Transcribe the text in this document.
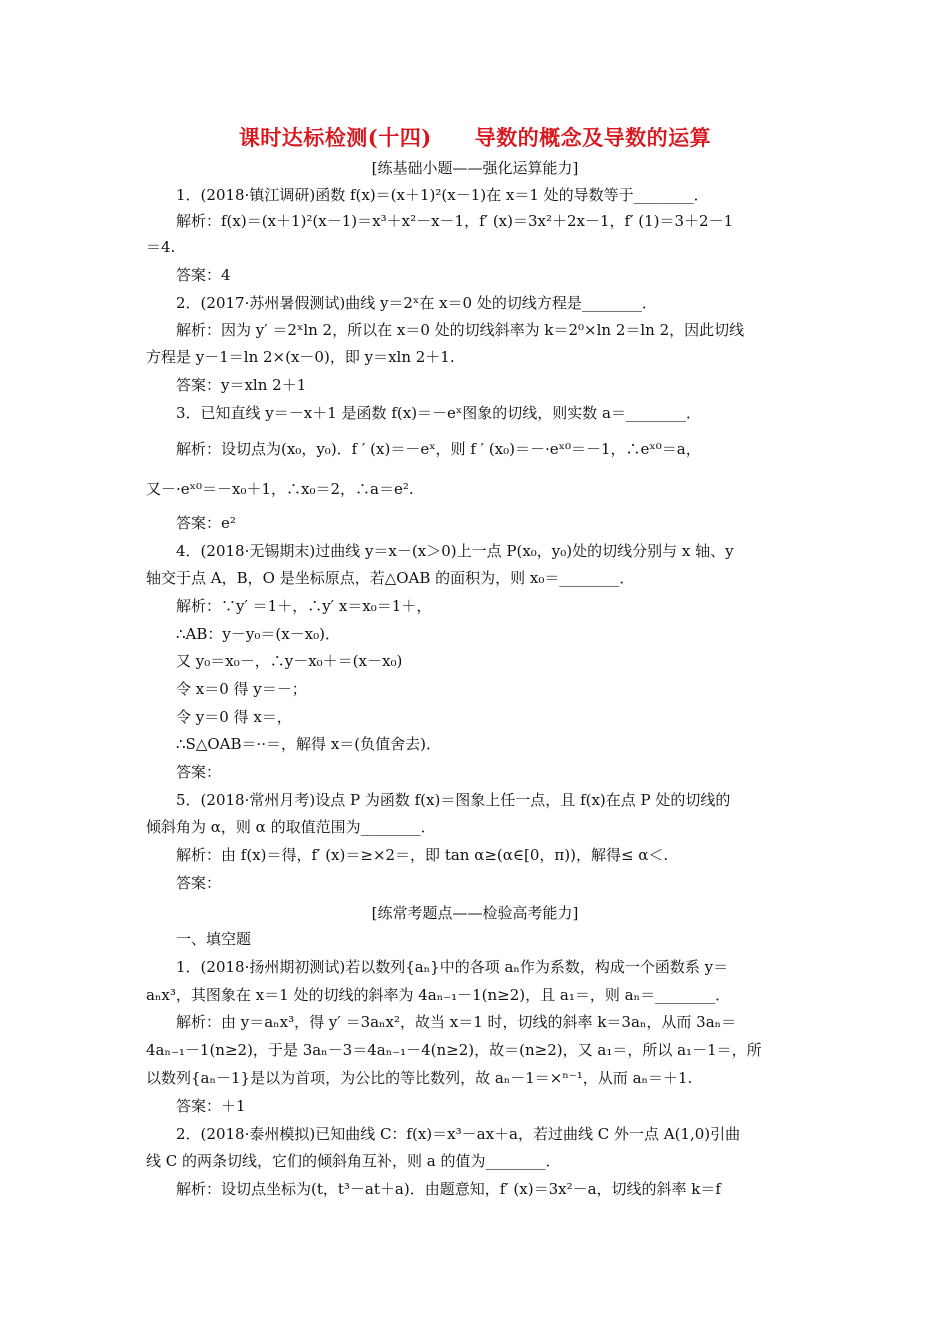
课时达标检测(十四)　　导数的概念及导数的运算
[练基础小题——强化运算能力]
1．(2018·镇江调研)函数 f(x)＝(x＋1)²(x－1)在 x＝1 处的导数等于________．
解析：f(x)＝(x＋1)²(x－1)＝x³＋x²－x－1，f′ (x)＝3x²＋2x－1，f′ (1)＝3＋2－1
＝4.
答案：4
2．(2017·苏州暑假测试)曲线 y＝2ˣ在 x＝0 处的切线方程是________．
解析：因为 y′ ＝2ˣln 2，所以在 x＝0 处的切线斜率为 k＝2⁰×ln 2＝ln 2，因此切线
方程是 y－1＝ln 2×(x－0)，即 y＝xln 2＋1.
答案：y＝xln 2＋1
3．已知直线 y＝－x＋1 是函数 f(x)＝－eˣ图象的切线，则实数 a＝________．
解析：设切点为(x₀，y₀)．f ′ (x)＝－eˣ，则 f ′ (x₀)＝－·eˣ⁰＝－1，∴eˣ⁰＝a，
又－·eˣ⁰＝－x₀＋1，∴x₀＝2，∴a＝e².
答案：e²
4．(2018·无锡期末)过曲线 y＝x－(x＞0)上一点 P(x₀，y₀)处的切线分别与 x 轴、y
轴交于点 A，B，O 是坐标原点，若△OAB 的面积为，则 x₀＝________．
解析：∵y′ ＝1＋，∴y′ x＝x₀＝1＋，
∴AB：y－y₀＝(x－x₀)．
又 y₀＝x₀－，∴y－x₀＋＝(x－x₀)
令 x＝0 得 y＝－；
令 y＝0 得 x＝，
∴S△OAB＝··＝，解得 x＝(负值舍去)．
答案：
5．(2018·常州月考)设点 P 为函数 f(x)＝图象上任一点，且 f(x)在点 P 处的切线的
倾斜角为 α，则 α 的取值范围为________．
解析：由 f(x)＝得，f′ (x)＝≥×2＝，即 tan α≥(α∈[0，π))，解得≤ α＜.
答案：
[练常考题点——检验高考能力]
一、填空题
1．(2018·扬州期初测试)若以数列{aₙ}中的各项 aₙ作为系数，构成一个函数系 y＝
aₙx³，其图象在 x＝1 处的切线的斜率为 4aₙ₋₁－1(n≥2)，且 a₁＝，则 aₙ＝________．
解析：由 y＝aₙx³，得 y′ ＝3aₙx²，故当 x＝1 时，切线的斜率 k＝3aₙ，从而 3aₙ＝
4aₙ₋₁－1(n≥2)，于是 3aₙ－3＝4aₙ₋₁－4(n≥2)，故＝(n≥2)，又 a₁＝，所以 a₁－1＝，所
以数列{aₙ－1}是以为首项，为公比的等比数列，故 aₙ－1＝×ⁿ⁻¹，从而 aₙ＝＋1.
答案：＋1
2．(2018·泰州模拟)已知曲线 C：f(x)＝x³－ax＋a，若过曲线 C 外一点 A(1,0)引曲
线 C 的两条切线，它们的倾斜角互补，则 a 的值为________．
解析：设切点坐标为(t，t³－at＋a)．由题意知，f′ (x)＝3x²－a，切线的斜率 k＝f
